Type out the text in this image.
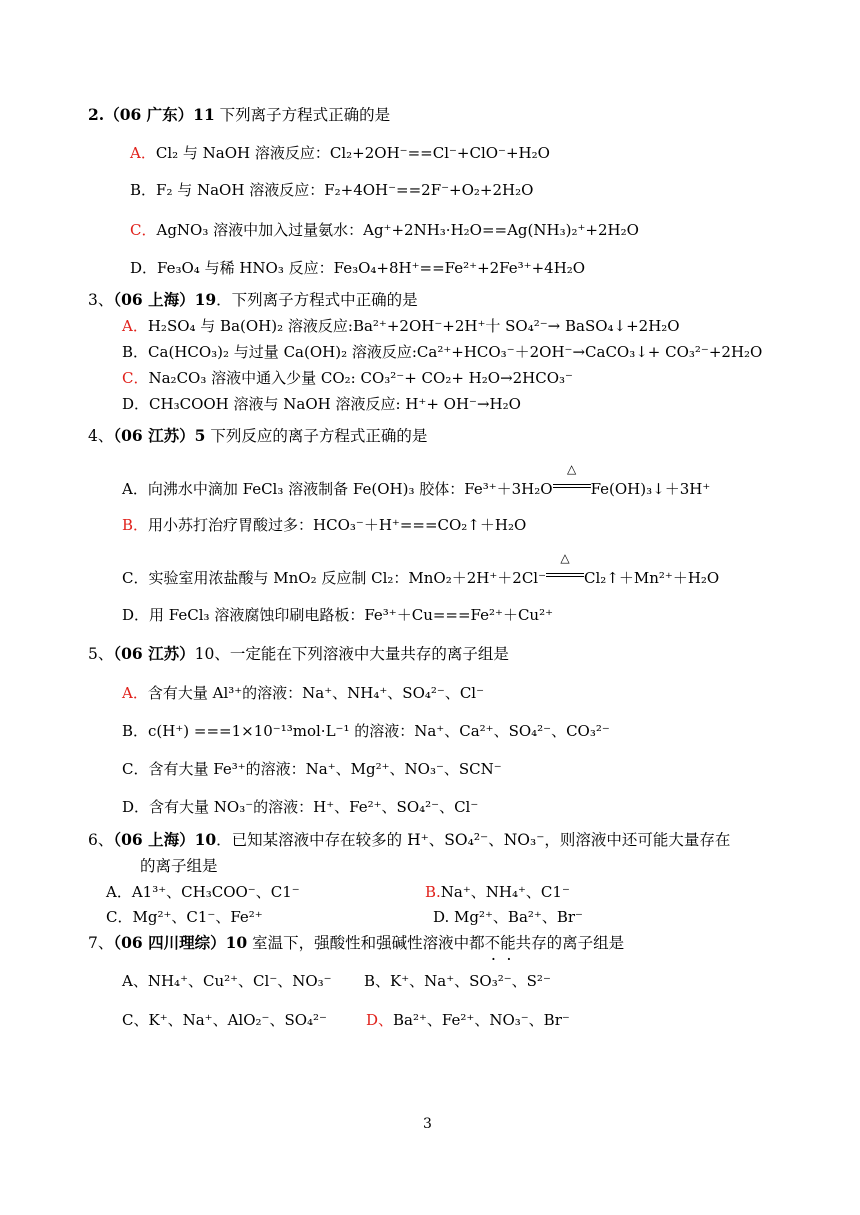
2.（06 广东）11 下列离子方程式正确的是
A．Cl₂ 与 NaOH 溶液反应：Cl₂+2OH⁻==Cl⁻+ClO⁻+H₂O
B．F₂ 与 NaOH 溶液反应：F₂+4OH⁻==2F⁻+O₂+2H₂O
C．AgNO₃ 溶液中加入过量氨水：Ag⁺+2NH₃·H₂O==Ag(NH₃)₂⁺+2H₂O
D．Fe₃O₄ 与稀 HNO₃ 反应：Fe₃O₄+8H⁺==Fe²⁺+2Fe³⁺+4H₂O
3、（06 上海）19．下列离子方程式中正确的是
A．H₂SO₄ 与 Ba(OH)₂ 溶液反应:Ba²⁺+2OH⁻+2H⁺十 SO₄²⁻→ BaSO₄↓+2H₂O
B．Ca(HCO₃)₂ 与过量 Ca(OH)₂ 溶液反应:Ca²⁺+HCO₃⁻＋2OH⁻→CaCO₃↓+ CO₃²⁻+2H₂O
C．Na₂CO₃ 溶液中通入少量 CO₂: CO₃²⁻+ CO₂+ H₂O→2HCO₃⁻
D．CH₃COOH 溶液与 NaOH 溶液反应: H⁺+ OH⁻→H₂O
4、（06 江苏）5 下列反应的离子方程式正确的是
A．向沸水中滴加 FeCl₃ 溶液制备 Fe(OH)₃ 胶体：Fe³⁺＋3H₂O
△
Fe(OH)₃↓＋3H⁺
B．用小苏打治疗胃酸过多：HCO₃⁻＋H⁺===CO₂↑＋H₂O
C．实验室用浓盐酸与 MnO₂ 反应制 Cl₂：MnO₂＋2H⁺＋2Cl⁻
△
Cl₂↑＋Mn²⁺＋H₂O
D．用 FeCl₃ 溶液腐蚀印刷电路板：Fe³⁺＋Cu===Fe²⁺＋Cu²⁺
5、（06 江苏）10、一定能在下列溶液中大量共存的离子组是
A．含有大量 Al³⁺的溶液：Na⁺、NH₄⁺、SO₄²⁻、Cl⁻
B．c(H⁺) ===1×10⁻¹³mol·L⁻¹ 的溶液：Na⁺、Ca²⁺、SO₄²⁻、CO₃²⁻
C．含有大量 Fe³⁺的溶液：Na⁺、Mg²⁺、NO₃⁻、SCN⁻
D．含有大量 NO₃⁻的溶液：H⁺、Fe²⁺、SO₄²⁻、Cl⁻
6、（06 上海）10．已知某溶液中存在较多的 H⁺、SO₄²⁻、NO₃⁻，则溶液中还可能大量存在
的离子组是
A．A1³⁺、CH₃COO⁻、C1⁻	B.Na⁺、NH₄⁺、C1⁻
C．Mg²⁺、C1⁻、Fe²⁺	D. Mg²⁺、Ba²⁺、Br⁻
7、（06 四川理综）10 室温下，强酸性和强碱性溶液中都不能共存的离子组是
A、NH₄⁺、Cu²⁺、Cl⁻、NO₃⁻ B、K⁺、Na⁺、SO₃²⁻、S²⁻
C、K⁺、Na⁺、AlO₂⁻、SO₄²⁻	D、Ba²⁺、Fe²⁺、NO₃⁻、Br⁻
3
